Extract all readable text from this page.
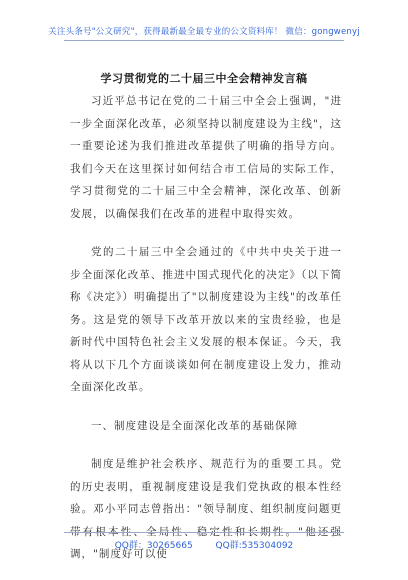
关注头条号"公文研究"，获得最新最全最专业的公文资料库！ 微信：gongwenyj
学习贯彻党的二十届三中全会精神发言稿

习近平总书记在党的二十届三中全会上强调，"进一步全面深化改革，必须坚持以制度建设为主线"，这一重要论述为我们推进改革提供了明确的指导方向。我们今天在这里探讨如何结合市工信局的实际工作，学习贯彻党的二十届三中全会精神，深化改革、创新发展，以确保我们在改革的进程中取得实效。

党的二十届三中全会通过的《中共中央关于进一步全面深化改革、推进中国式现代化的决定》（以下简称《决定》）明确提出了"以制度建设为主线"的改革任务。这是党的领导下改革开放以来的宝贵经验，也是新时代中国特色社会主义发展的根本保证。今天，我将从以下几个方面谈谈如何在制度建设上发力，推动全面深化改革。

一、制度建设是全面深化改革的基础保障

制度是维护社会秩序、规范行为的重要工具。党的历史表明，重视制度建设是我们党执政的根本性经验。邓小平同志曾指出："领导制度、组织制度问题更带有根本性、全局性、稳定性和长期性。"他还强调，"制度好可以使

QQ群：30265665	QQ群:535304092
